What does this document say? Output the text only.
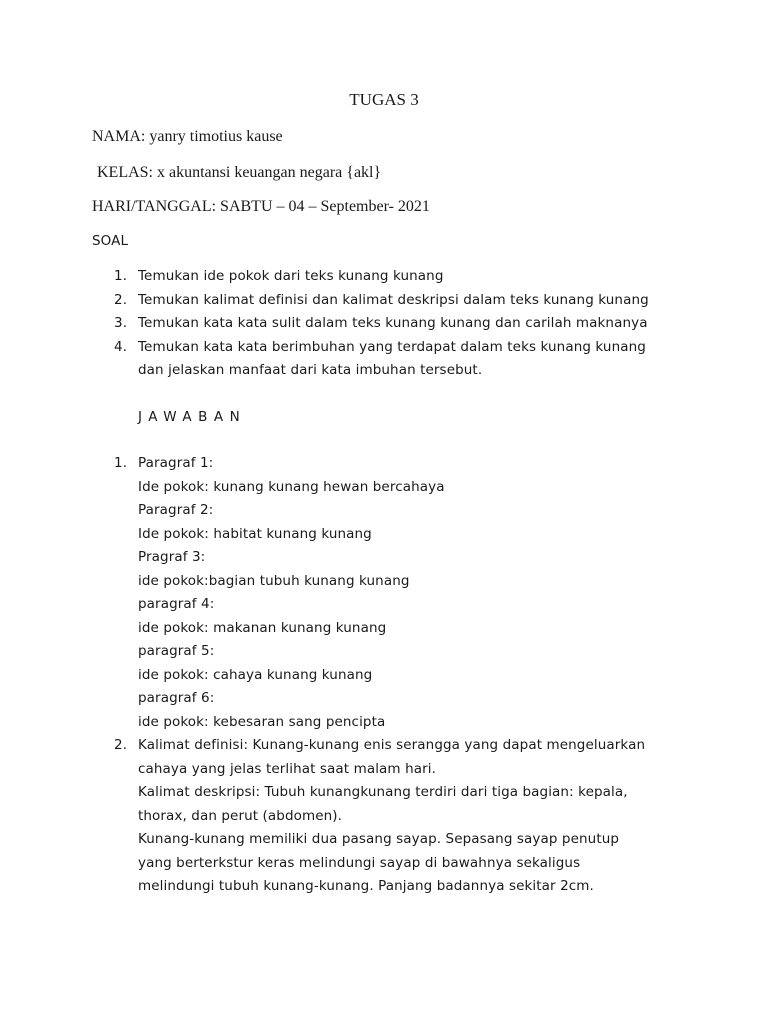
TUGAS 3
NAMA: yanry timotius kause
KELAS: x akuntansi keuangan negara {akl}
HARI/TANGGAL: SABTU – 04 – September- 2021
SOAL
1. Temukan ide pokok dari teks kunang kunang
2. Temukan kalimat definisi dan kalimat deskripsi dalam teks kunang kunang
3. Temukan kata kata sulit dalam teks kunang kunang dan carilah maknanya
4. Temukan kata kata berimbuhan yang terdapat dalam teks kunang kunang
dan jelaskan manfaat dari kata imbuhan tersebut.
JAWABAN
1. Paragraf 1:
Ide pokok: kunang kunang hewan bercahaya
Paragraf 2:
Ide pokok: habitat kunang kunang
Pragraf 3:
ide pokok:bagian tubuh kunang kunang
paragraf 4:
ide pokok: makanan kunang kunang
paragraf 5:
ide pokok: cahaya kunang kunang
paragraf 6:
ide pokok: kebesaran sang pencipta
2. Kalimat definisi: Kunang-kunang enis serangga yang dapat mengeluarkan
cahaya yang jelas terlihat saat malam hari.
Kalimat deskripsi: Tubuh kunangkunang terdiri dari tiga bagian: kepala,
thorax, dan perut (abdomen).
Kunang-kunang memiliki dua pasang sayap. Sepasang sayap penutup
yang berterkstur keras melindungi sayap di bawahnya sekaligus
melindungi tubuh kunang-kunang. Panjang badannya sekitar 2cm.
